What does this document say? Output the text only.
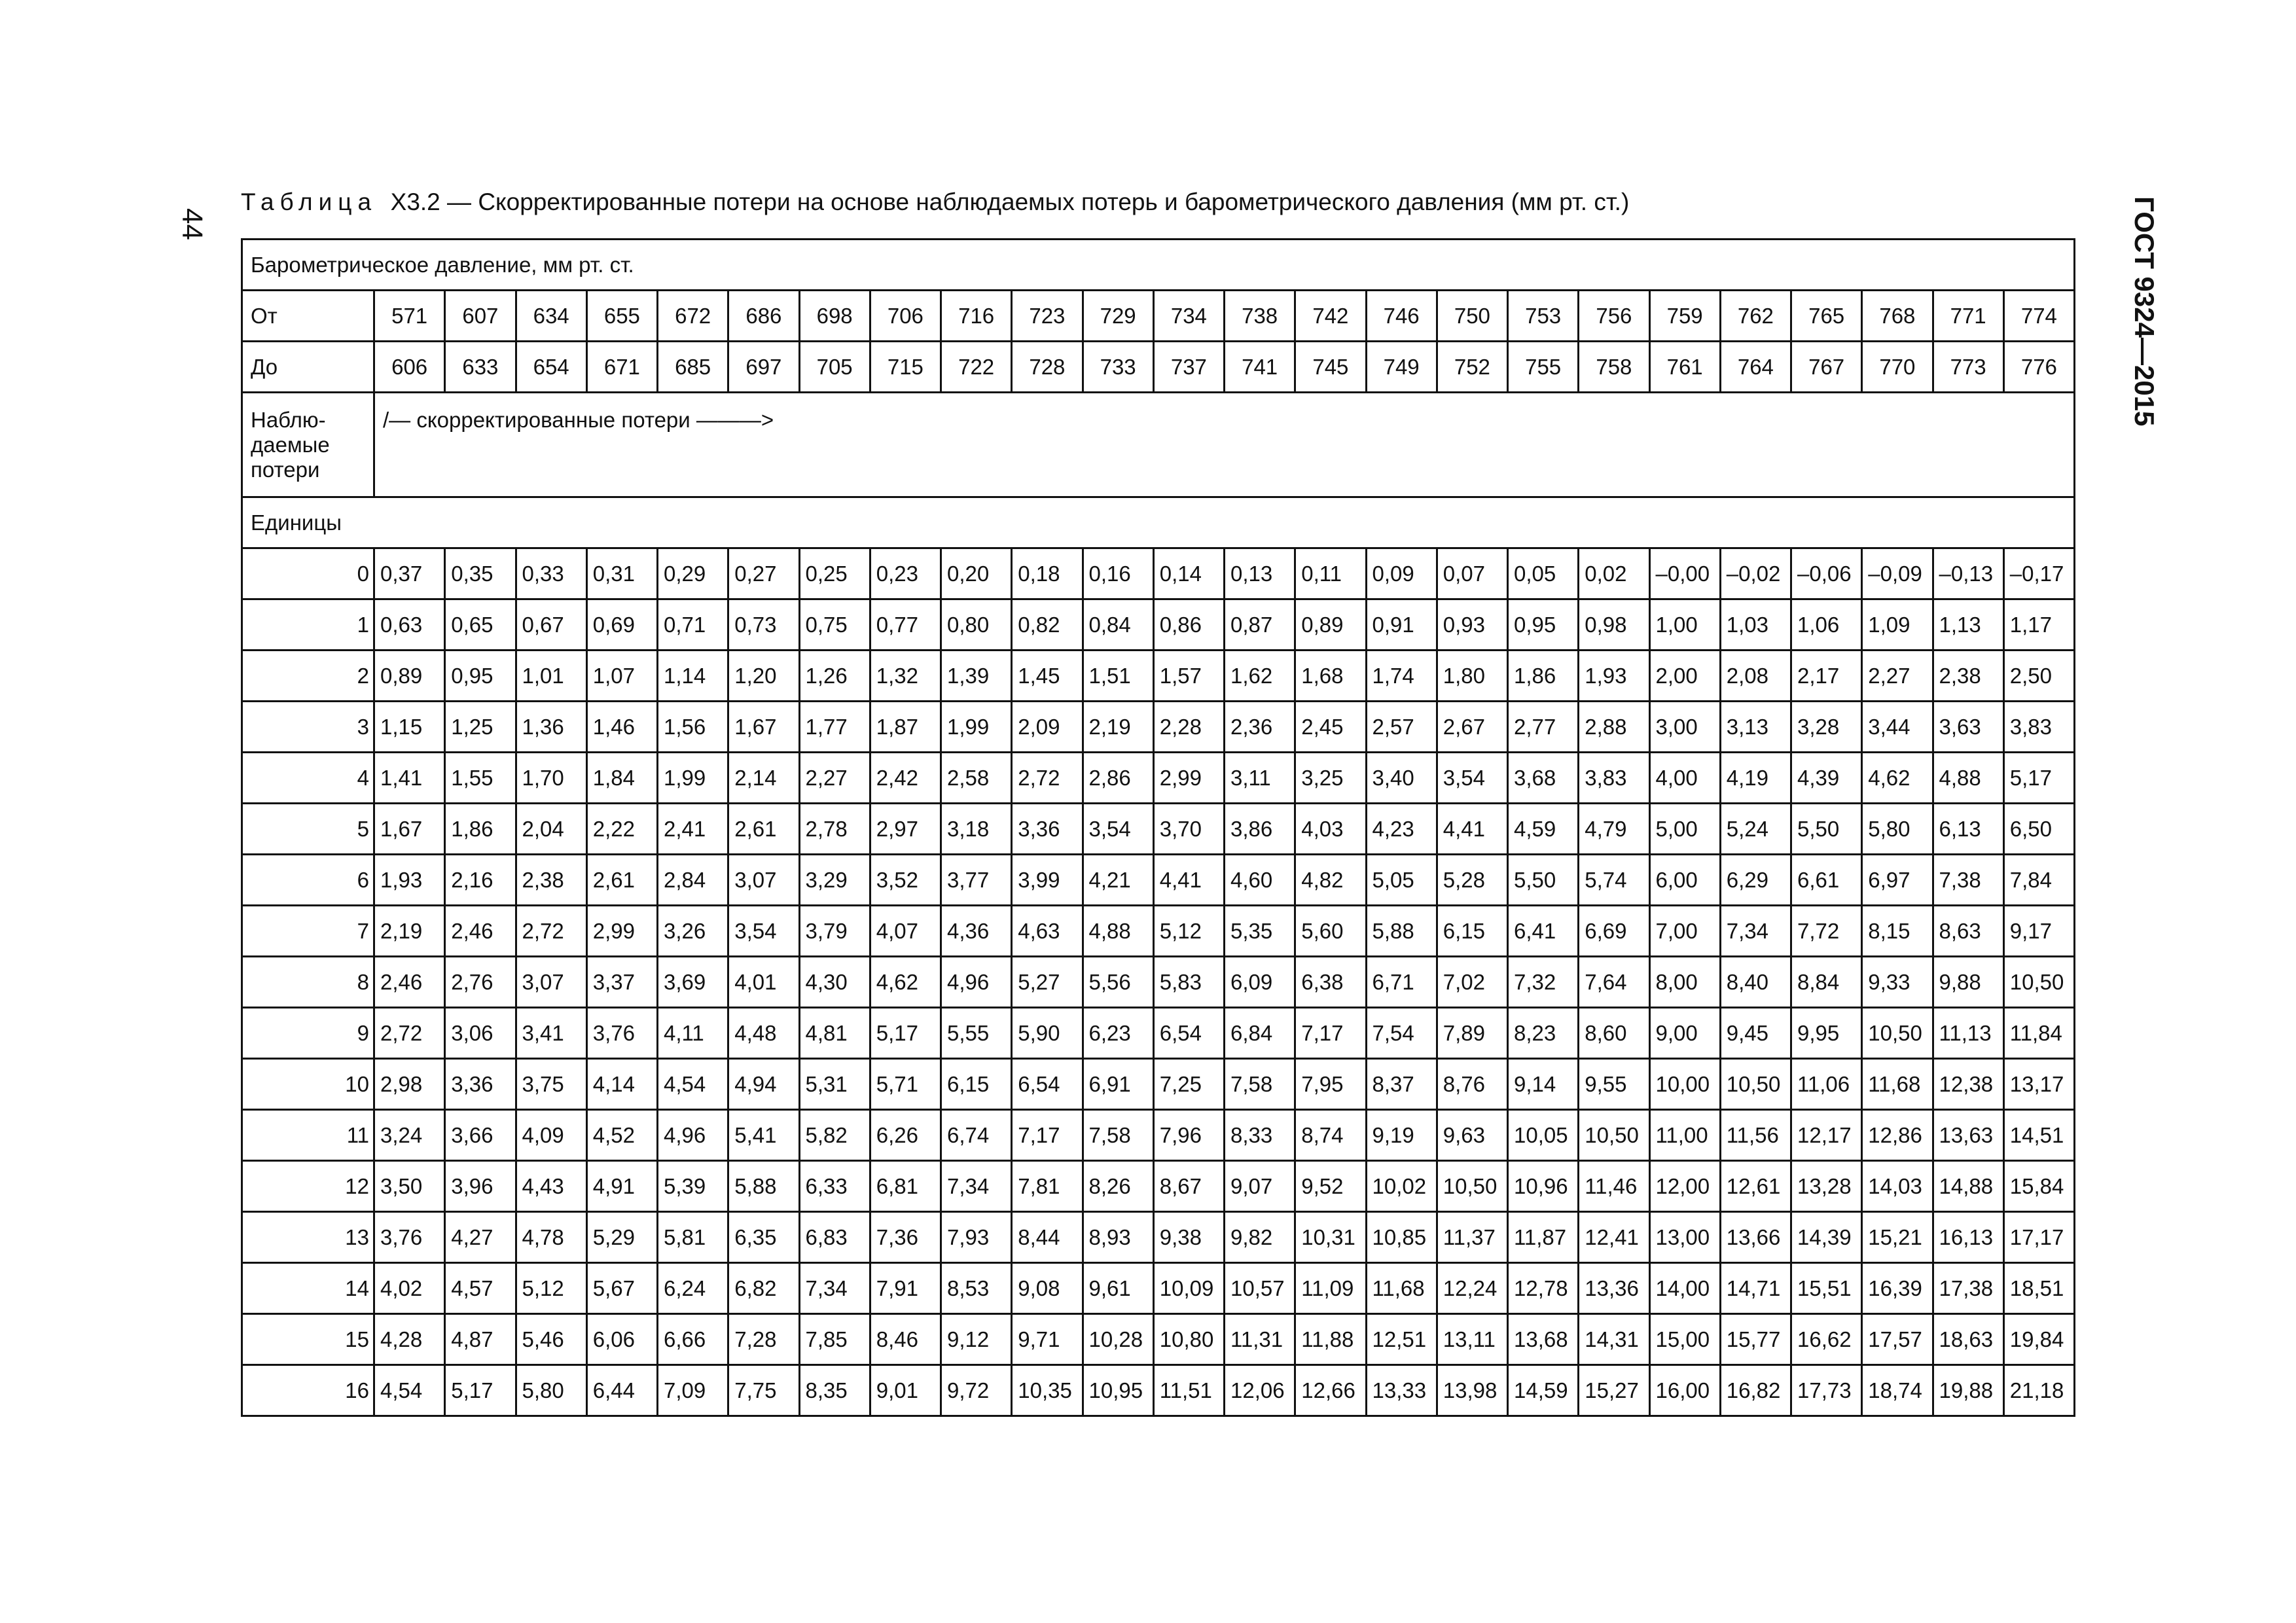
44
Таблица Х3.2 — Скорректированные потери на основе наблюдаемых потерь и барометрического давления (мм рт. ст.)	ГОСТ 9324—2015
Барометрическое давление, мм рт. ст.																								
От	571	607	634	655	672	686	698	706	716	723	729	734	738	742	746	750	753	756	759	762	765	768	771	774
До	606	633	654	671	685	697	705	715	722	728	733	737	741	745	749	752	755	758	761	764	767	770	773	776

Наблю-
даемые
потери	/— скорректированные потери ———>																							
Единицы																								
0	0,37	0,35	0,33	0,31	0,29	0,27	0,25	0,23	0,20	0,18	0,16	0,14	0,13	0,11	0,09	0,07	0,05	0,02	–0,00	–0,02	–0,06	–0,09	–0,13	–0,17
1	0,63	0,65	0,67	0,69	0,71	0,73	0,75	0,77	0,80	0,82	0,84	0,86	0,87	0,89	0,91	0,93	0,95	0,98	1,00	1,03	1,06	1,09	1,13	1,17
2	0,89	0,95	1,01	1,07	1,14	1,20	1,26	1,32	1,39	1,45	1,51	1,57	1,62	1,68	1,74	1,80	1,86	1,93	2,00	2,08	2,17	2,27	2,38	2,50
3	1,15	1,25	1,36	1,46	1,56	1,67	1,77	1,87	1,99	2,09	2,19	2,28	2,36	2,45	2,57	2,67	2,77	2,88	3,00	3,13	3,28	3,44	3,63	3,83
4	1,41	1,55	1,70	1,84	1,99	2,14	2,27	2,42	2,58	2,72	2,86	2,99	3,11	3,25	3,40	3,54	3,68	3,83	4,00	4,19	4,39	4,62	4,88	5,17
5	1,67	1,86	2,04	2,22	2,41	2,61	2,78	2,97	3,18	3,36	3,54	3,70	3,86	4,03	4,23	4,41	4,59	4,79	5,00	5,24	5,50	5,80	6,13	6,50
6	1,93	2,16	2,38	2,61	2,84	3,07	3,29	3,52	3,77	3,99	4,21	4,41	4,60	4,82	5,05	5,28	5,50	5,74	6,00	6,29	6,61	6,97	7,38	7,84
7	2,19	2,46	2,72	2,99	3,26	3,54	3,79	4,07	4,36	4,63	4,88	5,12	5,35	5,60	5,88	6,15	6,41	6,69	7,00	7,34	7,72	8,15	8,63	9,17
8	2,46	2,76	3,07	3,37	3,69	4,01	4,30	4,62	4,96	5,27	5,56	5,83	6,09	6,38	6,71	7,02	7,32	7,64	8,00	8,40	8,84	9,33	9,88	10,50
9	2,72	3,06	3,41	3,76	4,11	4,48	4,81	5,17	5,55	5,90	6,23	6,54	6,84	7,17	7,54	7,89	8,23	8,60	9,00	9,45	9,95	10,50	11,13	11,84
10	2,98	3,36	3,75	4,14	4,54	4,94	5,31	5,71	6,15	6,54	6,91	7,25	7,58	7,95	8,37	8,76	9,14	9,55	10,00	10,50	11,06	11,68	12,38	13,17
11	3,24	3,66	4,09	4,52	4,96	5,41	5,82	6,26	6,74	7,17	7,58	7,96	8,33	8,74	9,19	9,63	10,05	10,50	11,00	11,56	12,17	12,86	13,63	14,51
12	3,50	3,96	4,43	4,91	5,39	5,88	6,33	6,81	7,34	7,81	8,26	8,67	9,07	9,52	10,02	10,50	10,96	11,46	12,00	12,61	13,28	14,03	14,88	15,84
13	3,76	4,27	4,78	5,29	5,81	6,35	6,83	7,36	7,93	8,44	8,93	9,38	9,82	10,31	10,85	11,37	11,87	12,41	13,00	13,66	14,39	15,21	16,13	17,17
14	4,02	4,57	5,12	5,67	6,24	6,82	7,34	7,91	8,53	9,08	9,61	10,09	10,57	11,09	11,68	12,24	12,78	13,36	14,00	14,71	15,51	16,39	17,38	18,51
15	4,28	4,87	5,46	6,06	6,66	7,28	7,85	8,46	9,12	9,71	10,28	10,80	11,31	11,88	12,51	13,11	13,68	14,31	15,00	15,77	16,62	17,57	18,63	19,84
16	4,54	5,17	5,80	6,44	7,09	7,75	8,35	9,01	9,72	10,35	10,95	11,51	12,06	12,66	13,33	13,98	14,59	15,27	16,00	16,82	17,73	18,74	19,88	21,18
